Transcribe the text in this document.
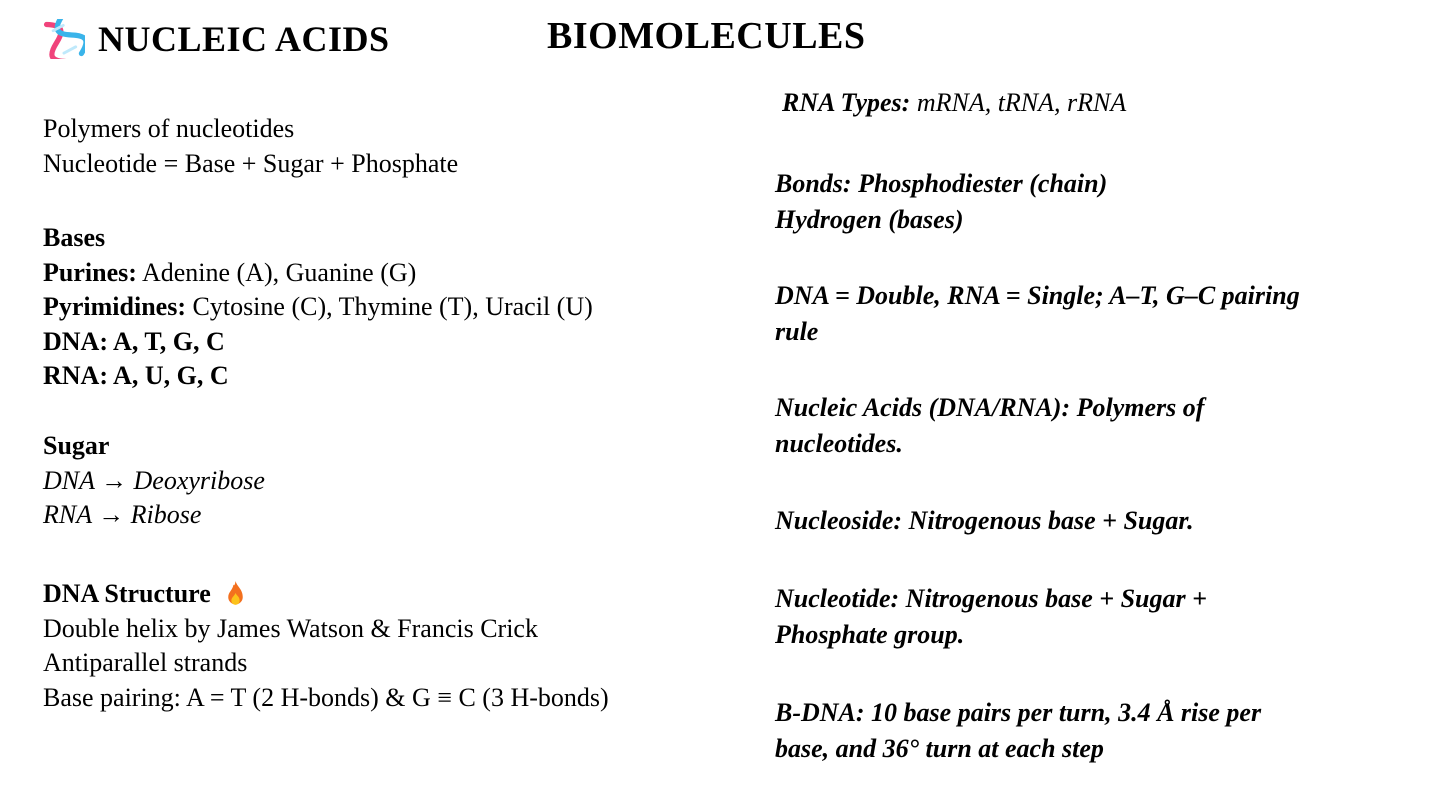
NUCLEIC ACIDS
Polymers of nucleotides
Nucleotide = Base + Sugar + Phosphate
Bases
Purines: Adenine (A), Guanine (G)
Pyrimidines: Cytosine (C), Thymine (T), Uracil (U)
DNA: A, T, G, C
RNA: A, U, G, C
Sugar
DNA → Deoxyribose
RNA → Ribose
DNA Structure
Double helix by James Watson & Francis Crick
Antiparallel strands
Base pairing: A = T (2 H-bonds) & G ≡ C (3 H-bonds)
BIOMOLECULES
RNA Types: mRNA, tRNA, rRNA
Bonds: Phosphodiester (chain)
Hydrogen (bases)
DNA = Double, RNA = Single; A–T, G–C pairing
rule
Nucleic Acids (DNA/RNA): Polymers of
nucleotides.
Nucleoside: Nitrogenous base + Sugar.
Nucleotide: Nitrogenous base + Sugar +
Phosphate group.
B-DNA: 10 base pairs per turn, 3.4 Å rise per
base, and 36° turn at each step
